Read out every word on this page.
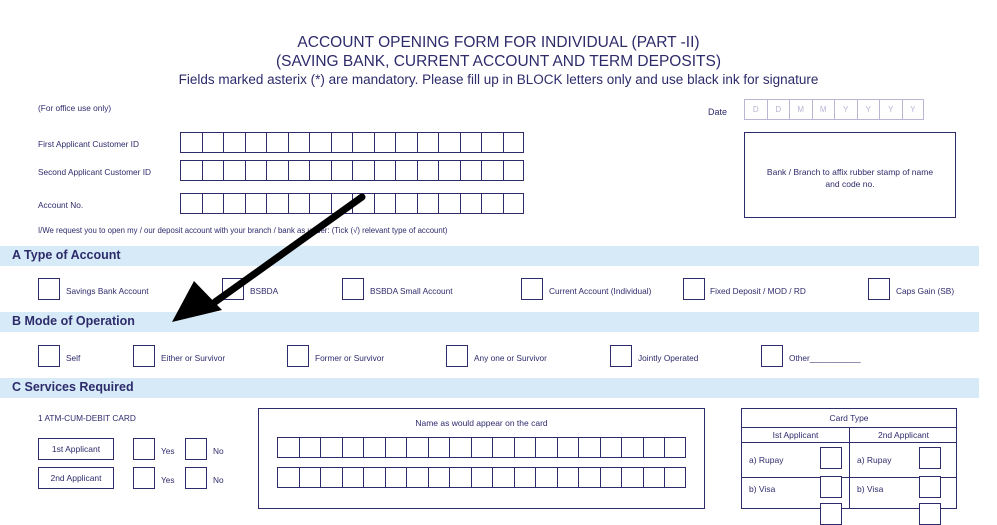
ACCOUNT OPENING FORM FOR INDIVIDUAL (PART -II)
(SAVING BANK, CURRENT ACCOUNT AND TERM DEPOSITS)
Fields marked asterix (*) are mandatory. Please fill up in BLOCK letters only and use black ink for signature
(For office use only)	Date	D	D	M	M	Y	Y	Y	Y
First Applicant Customer ID
Second Applicant Customer ID
Account No.
Bank / Branch to affix rubber stamp of name and code no.
I/We request you to open my / our deposit account with your branch / bank as under: (Tick (√) relevant type of account)
A Type of Account
Savings Bank Account	BSBDA	BSBDA Small Account	Current Account (Individual)	Fixed Deposit / MOD / RD	Caps Gain (SB)
B Mode of Operation
Self	Either or Survivor	Former or Survivor	Any one or Survivor	Jointly Operated	Other___________
C Services Required
1 ATM-CUM-DEBIT CARD
1st Applicant	Yes	No
2nd Applicant	Yes	No
Name as would appear on the card	Card Type
Ist Applicant	2nd Applicant
a) Rupay	a) Rupay
b) Visa	b) Visa
